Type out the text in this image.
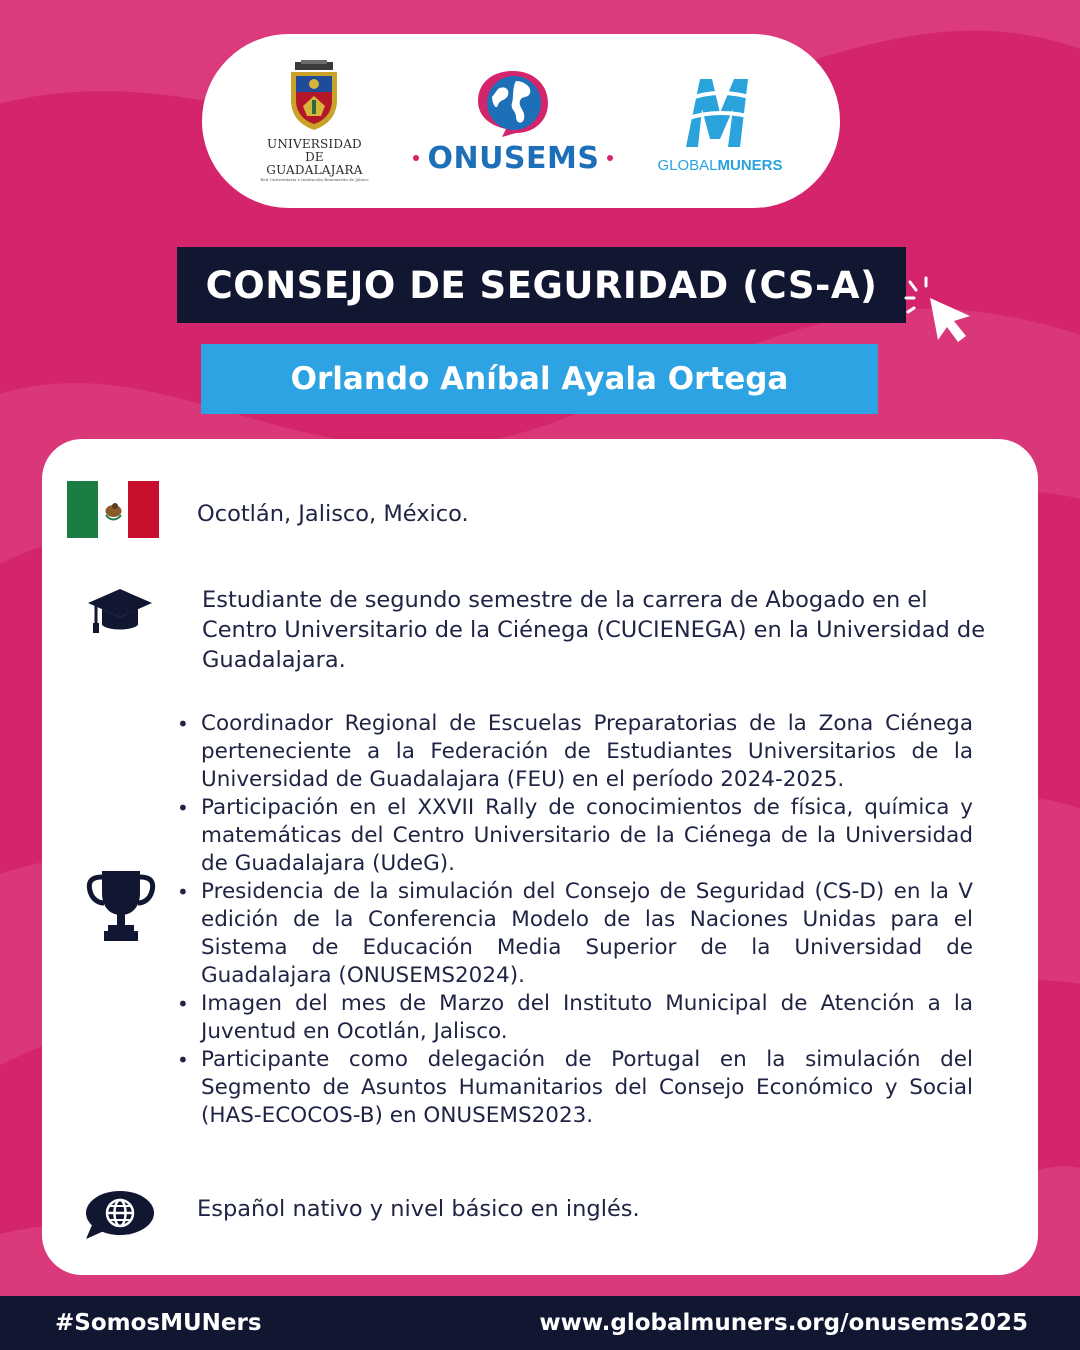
UNIVERSIDAD DE GUADALAJARA
Red Universitaria e Institución Benemérita de Jalisco
ONUSEMS	GLOBALMUNERS
CONSEJO DE SEGURIDAD (CS-A)
Orlando Aníbal Ayala Ortega
Ocotlán, Jalisco, México.
Estudiante de segundo semestre de la carrera de Abogado en el Centro Universitario de la Ciénega (CUCIENEGA) en la Universidad de Guadalajara.
• Coordinador Regional de Escuelas Preparatorias de la Zona Ciénega perteneciente a la Federación de Estudiantes Universitarios de la Universidad de Guadalajara (FEU) en el período 2024-2025.
• Participación en el XXVII Rally de conocimientos de física, química y matemáticas del Centro Universitario de la Ciénega de la Universidad de Guadalajara (UdeG).
• Presidencia de la simulación del Consejo de Seguridad (CS-D) en la V edición de la Conferencia Modelo de las Naciones Unidas para el Sistema de Educación Media Superior de la Universidad de Guadalajara (ONUSEMS2024).
• Imagen del mes de Marzo del Instituto Municipal de Atención a la Juventud en Ocotlán, Jalisco.
• Participante como delegación de Portugal en la simulación del Segmento de Asuntos Humanitarios del Consejo Económico y Social (HAS-ECOCOS-B) en ONUSEMS2023.
Español nativo y nivel básico en inglés.
#SomosMUNers	www.globalmuners.org/onusems2025
